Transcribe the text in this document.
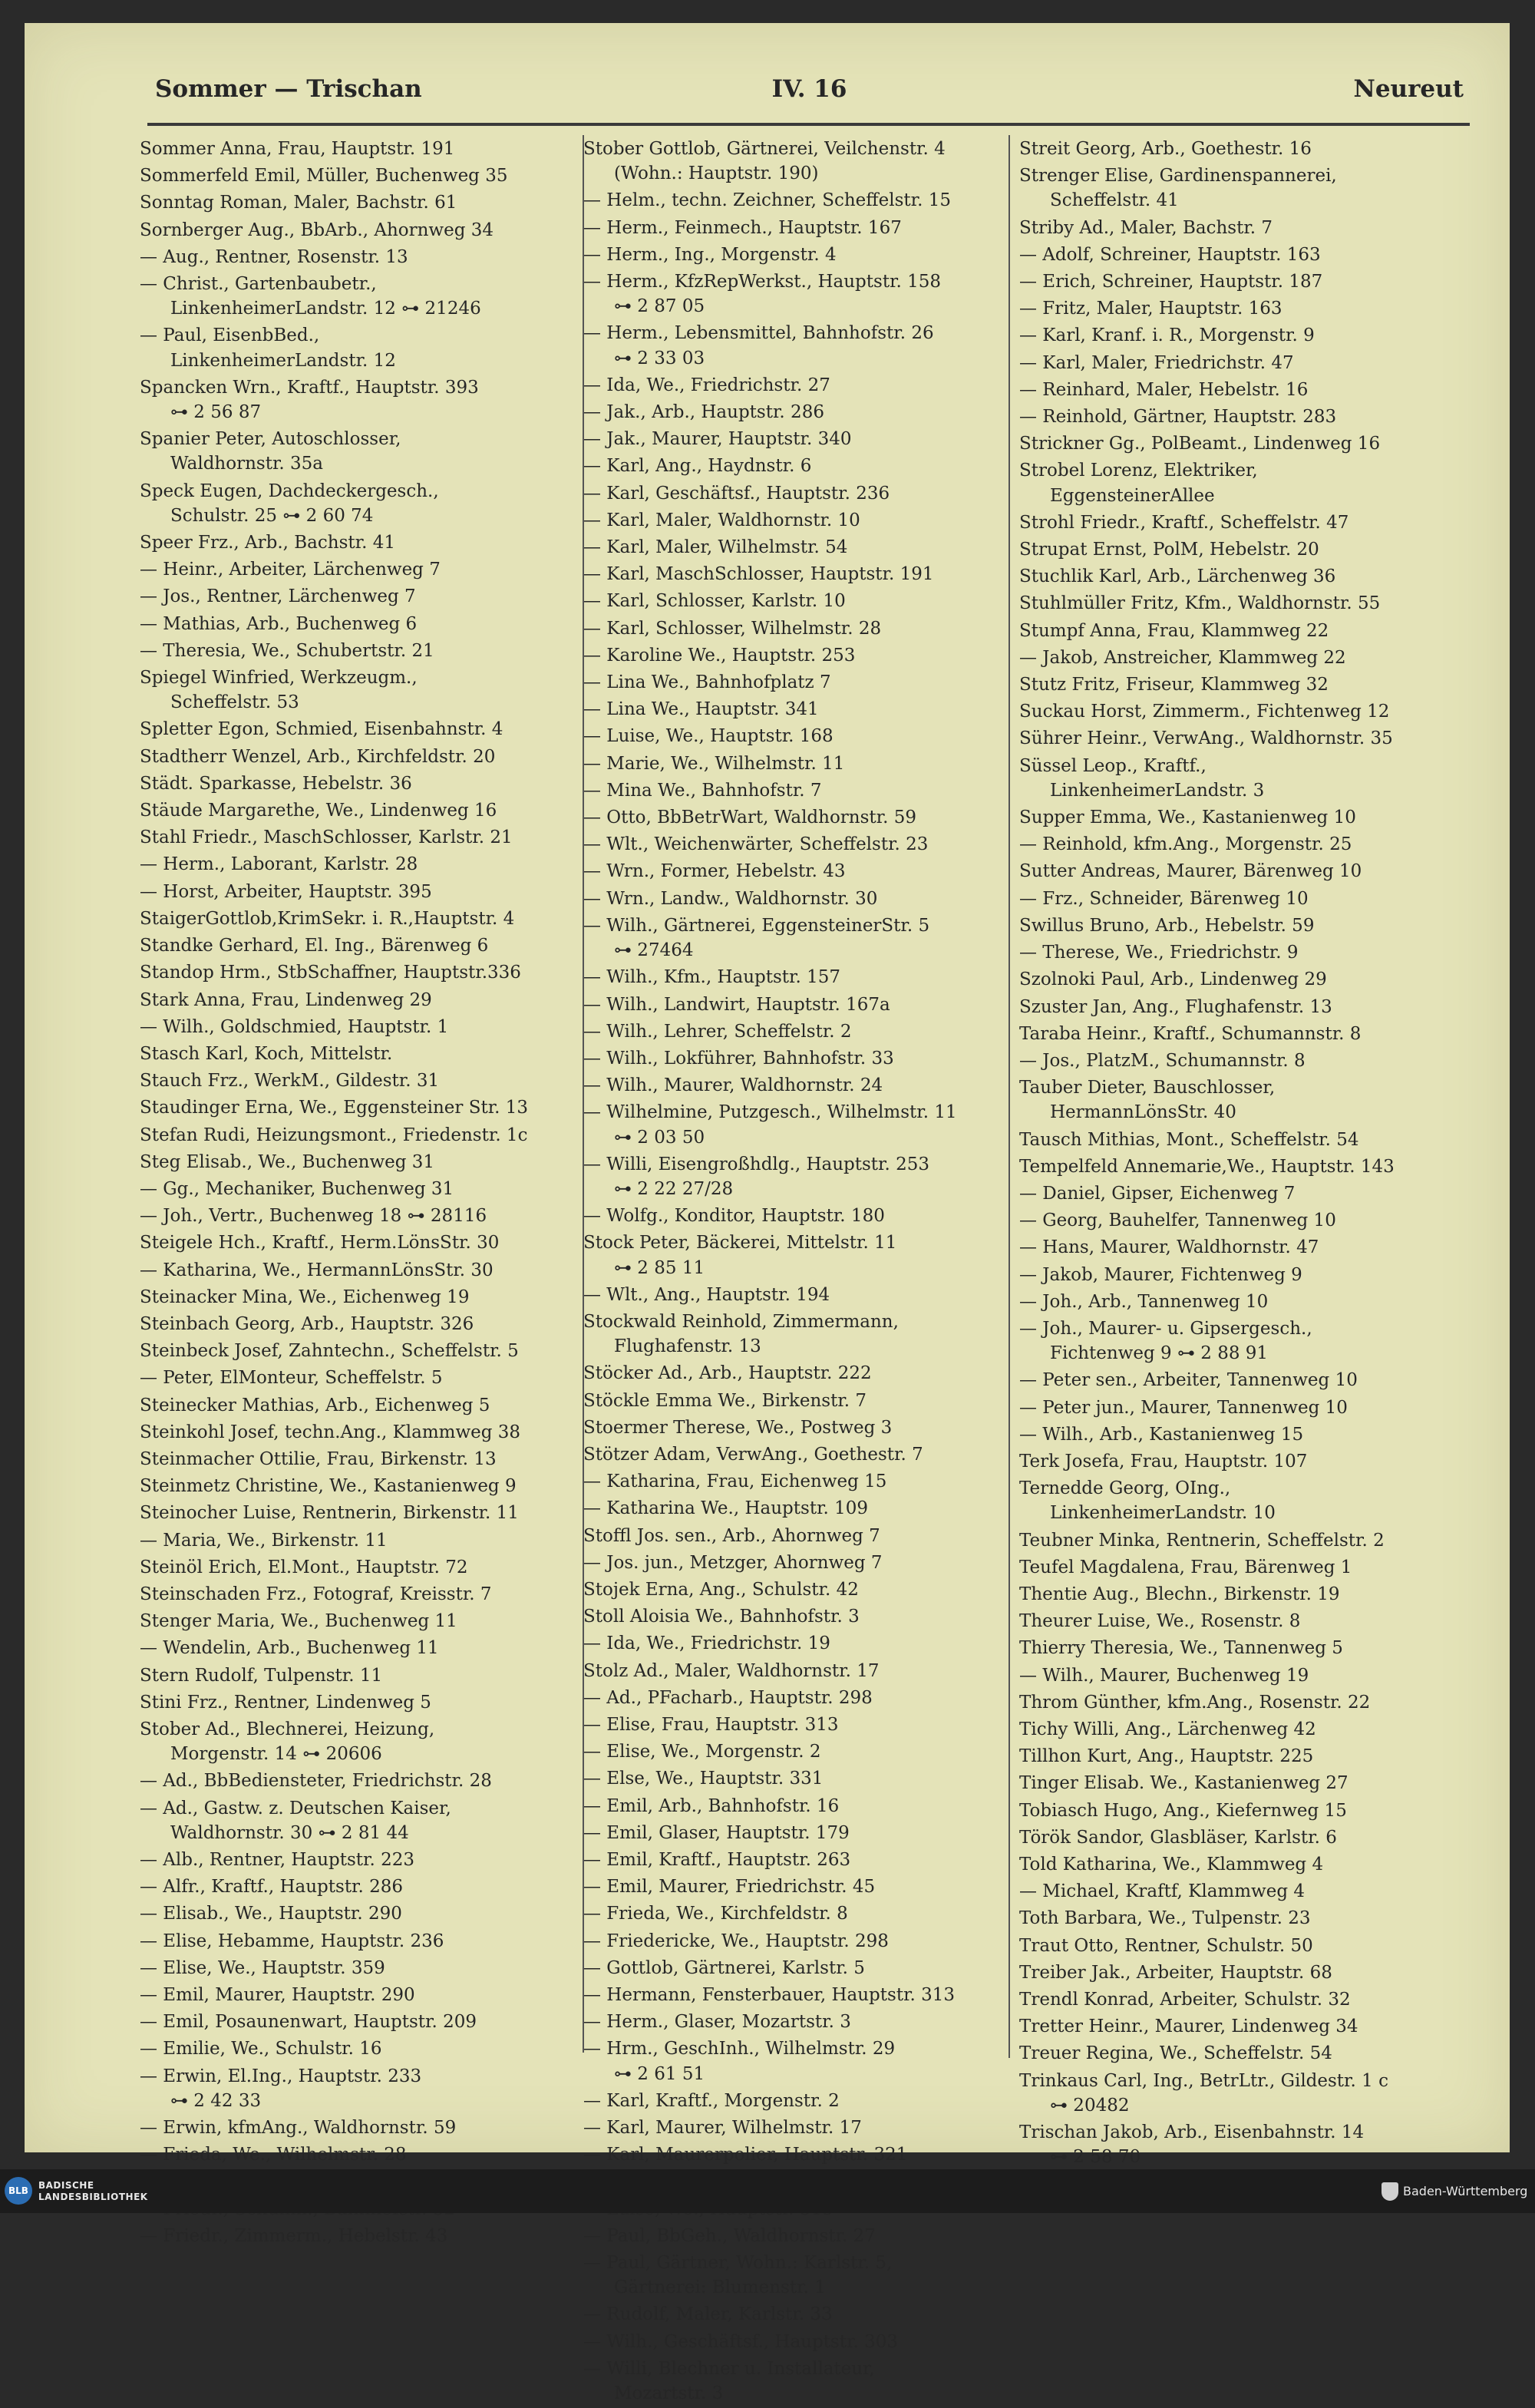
Sommer — Trischan	IV. 16	Neureut
Sommer Anna, Frau, Hauptstr. 191
Sommerfeld Emil, Müller, Buchenweg 35
Sonntag Roman, Maler, Bachstr. 61
Sornberger Aug., BbArb., Ahornweg 34
— Aug., Rentner, Rosenstr. 13
— Christ., Gartenbaubetr.,
LinkenheimerLandstr. 12 ⊶ 21246
— Paul, EisenbBed.,
LinkenheimerLandstr. 12
Spancken Wrn., Kraftf., Hauptstr. 393
⊶ 2 56 87
Spanier Peter, Autoschlosser,
Waldhornstr. 35a
Speck Eugen, Dachdeckergesch.,
Schulstr. 25 ⊶ 2 60 74
Speer Frz., Arb., Bachstr. 41
— Heinr., Arbeiter, Lärchenweg 7
— Jos., Rentner, Lärchenweg 7
— Mathias, Arb., Buchenweg 6
— Theresia, We., Schubertstr. 21
Spiegel Winfried, Werkzeugm.,
Scheffelstr. 53
Spletter Egon, Schmied, Eisenbahnstr. 4
Stadtherr Wenzel, Arb., Kirchfeldstr. 20
Städt. Sparkasse, Hebelstr. 36
Stäude Margarethe, We., Lindenweg 16
Stahl Friedr., MaschSchlosser, Karlstr. 21
— Herm., Laborant, Karlstr. 28
— Horst, Arbeiter, Hauptstr. 395
StaigerGottlob,KrimSekr. i. R.,Hauptstr. 4
Standke Gerhard, El. Ing., Bärenweg 6
Standop Hrm., StbSchaffner, Hauptstr.336
Stark Anna, Frau, Lindenweg 29
— Wilh., Goldschmied, Hauptstr. 1
Stasch Karl, Koch, Mittelstr.
Stauch Frz., WerkM., Gildestr. 31
Staudinger Erna, We., Eggensteiner Str. 13
Stefan Rudi, Heizungsmont., Friedenstr. 1c
Steg Elisab., We., Buchenweg 31
— Gg., Mechaniker, Buchenweg 31
— Joh., Vertr., Buchenweg 18 ⊶ 28116
Steigele Hch., Kraftf., Herm.LönsStr. 30
— Katharina, We., HermannLönsStr. 30
Steinacker Mina, We., Eichenweg 19
Steinbach Georg, Arb., Hauptstr. 326
Steinbeck Josef, Zahntechn., Scheffelstr. 5
— Peter, ElMonteur, Scheffelstr. 5
Steinecker Mathias, Arb., Eichenweg 5
Steinkohl Josef, techn.Ang., Klammweg 38
Steinmacher Ottilie, Frau, Birkenstr. 13
Steinmetz Christine, We., Kastanienweg 9
Steinocher Luise, Rentnerin, Birkenstr. 11
— Maria, We., Birkenstr. 11
Steinöl Erich, El.Mont., Hauptstr. 72
Steinschaden Frz., Fotograf, Kreisstr. 7
Stenger Maria, We., Buchenweg 11
— Wendelin, Arb., Buchenweg 11
Stern Rudolf, Tulpenstr. 11
Stini Frz., Rentner, Lindenweg 5
Stober Ad., Blechnerei, Heizung,
Morgenstr. 14 ⊶ 20606
— Ad., BbBediensteter, Friedrichstr. 28
— Ad., Gastw. z. Deutschen Kaiser,
Waldhornstr. 30 ⊶ 2 81 44
— Alb., Rentner, Hauptstr. 223
— Alfr., Kraftf., Hauptstr. 286
— Elisab., We., Hauptstr. 290
— Elise, Hebamme, Hauptstr. 236
— Elise, We., Hauptstr. 359
— Emil, Maurer, Hauptstr. 290
— Emil, Posaunenwart, Hauptstr. 209
— Emilie, We., Schulstr. 16
— Erwin, El.Ing., Hauptstr. 233
⊶ 2 42 33
— Erwin, kfmAng., Waldhornstr. 59
— Frieda, We., Wilhelmstr. 28
— Friedr., Zimmerm., Hebelstr. 43
Stober Gottlob, Gärtnerei, Veilchenstr. 4
(Wohn.: Hauptstr. 190)
— Helm., techn. Zeichner, Scheffelstr. 15
— Herm., Feinmech., Hauptstr. 167
— Herm., Ing., Morgenstr. 4
— Herm., KfzRepWerkst., Hauptstr. 158
⊶ 2 87 05
— Herm., Lebensmittel, Bahnhofstr. 26
⊶ 2 33 03
— Ida, We., Friedrichstr. 27
— Jak., Arb., Hauptstr. 286
— Jak., Maurer, Hauptstr. 340
— Karl, Ang., Haydnstr. 6
— Karl, Geschäftsf., Hauptstr. 236
— Karl, Maler, Waldhornstr. 10
— Karl, Maler, Wilhelmstr. 54
— Karl, MaschSchlosser, Hauptstr. 191
— Karl, Schlosser, Karlstr. 10
— Karl, Schlosser, Wilhelmstr. 28
— Karoline We., Hauptstr. 253
— Lina We., Bahnhofplatz 7
— Lina We., Hauptstr. 341
— Luise, We., Hauptstr. 168
— Marie, We., Wilhelmstr. 11
— Mina We., Bahnhofstr. 7
— Otto, BbBetrWart, Waldhornstr. 59
— Wlt., Weichenwärter, Scheffelstr. 23
— Wrn., Former, Hebelstr. 43
— Wrn., Landw., Waldhornstr. 30
— Wilh., Gärtnerei, EggensteinerStr. 5
⊶ 27464
— Wilh., Kfm., Hauptstr. 157
— Wilh., Landwirt, Hauptstr. 167a
— Wilh., Lehrer, Scheffelstr. 2
— Wilh., Lokführer, Bahnhofstr. 33
— Wilh., Maurer, Waldhornstr. 24
— Wilhelmine, Putzgesch., Wilhelmstr. 11
⊶ 2 03 50
— Willi, Eisengroßhdlg., Hauptstr. 253
⊶ 2 22 27/28
— Wolfg., Konditor, Hauptstr. 180
Stock Peter, Bäckerei, Mittelstr. 11
⊶ 2 85 11
— Wlt., Ang., Hauptstr. 194
Stockwald Reinhold, Zimmermann,
Flughafenstr. 13
Stöcker Ad., Arb., Hauptstr. 222
Stöckle Emma We., Birkenstr. 7
Stoermer Therese, We., Postweg 3
Stötzer Adam, VerwAng., Goethestr. 7
— Katharina, Frau, Eichenweg 15
— Katharina We., Hauptstr. 109
Stoffl Jos. sen., Arb., Ahornweg 7
— Jos. jun., Metzger, Ahornweg 7
Stojek Erna, Ang., Schulstr. 42
Stoll Aloisia We., Bahnhofstr. 3
— Ida, We., Friedrichstr. 19
Stolz Ad., Maler, Waldhornstr. 17
— Ad., PFacharb., Hauptstr. 298
— Elise, Frau, Hauptstr. 313
— Elise, We., Morgenstr. 2
— Else, We., Hauptstr. 331
— Emil, Arb., Bahnhofstr. 16
— Emil, Glaser, Hauptstr. 179
— Emil, Kraftf., Hauptstr. 263
— Emil, Maurer, Friedrichstr. 45
— Frieda, We., Kirchfeldstr. 8
— Friedericke, We., Hauptstr. 298
— Gottlob, Gärtnerei, Karlstr. 5
— Hermann, Fensterbauer, Hauptstr. 313
— Herm., Glaser, Mozartstr. 3
— Hrm., GeschInh., Wilhelmstr. 29
⊶ 2 61 51
— Karl, Kraftf., Morgenstr. 2
— Karl, Maurer, Wilhelmstr. 17
— Karl, Maurerpolier, Hauptstr. 321
— Paul, BbGeh., Waldhornstr. 27
— Paul, Gärtner, Wohn.: Karlstr. 5,
Gärtnerei: Blumenstr. 1
— Rudolf, Maler, Karlstr. 33
— Wilh., Geschäftsf., Hauptstr. 303
— Willi, Blechner u. Installateur,
Mozartstr. 3
Streit Georg, Arb., Goethestr. 16
Strenger Elise, Gardinenspannerei,
Scheffelstr. 41
Striby Ad., Maler, Bachstr. 7
— Adolf, Schreiner, Hauptstr. 163
— Erich, Schreiner, Hauptstr. 187
— Fritz, Maler, Hauptstr. 163
— Karl, Kranf. i. R., Morgenstr. 9
— Karl, Maler, Friedrichstr. 47
— Reinhard, Maler, Hebelstr. 16
— Reinhold, Gärtner, Hauptstr. 283
Strickner Gg., PolBeamt., Lindenweg 16
Strobel Lorenz, Elektriker,
EggensteinerAllee
Strohl Friedr., Kraftf., Scheffelstr. 47
Strupat Ernst, PolM, Hebelstr. 20
Stuchlik Karl, Arb., Lärchenweg 36
Stuhlmüller Fritz, Kfm., Waldhornstr. 55
Stumpf Anna, Frau, Klammweg 22
— Jakob, Anstreicher, Klammweg 22
Stutz Fritz, Friseur, Klammweg 32
Suckau Horst, Zimmerm., Fichtenweg 12
Sührer Heinr., VerwAng., Waldhornstr. 35
Süssel Leop., Kraftf.,
LinkenheimerLandstr. 3
Supper Emma, We., Kastanienweg 10
— Reinhold, kfm.Ang., Morgenstr. 25
Sutter Andreas, Maurer, Bärenweg 10
— Frz., Schneider, Bärenweg 10
Swillus Bruno, Arb., Hebelstr. 59
— Therese, We., Friedrichstr. 9
Szolnoki Paul, Arb., Lindenweg 29
Szuster Jan, Ang., Flughafenstr. 13
Taraba Heinr., Kraftf., Schumannstr. 8
— Jos., PlatzM., Schumannstr. 8
Tauber Dieter, Bauschlosser,
HermannLönsStr. 40
Tausch Mithias, Mont., Scheffelstr. 54
Tempelfeld Annemarie,We., Hauptstr. 143
— Daniel, Gipser, Eichenweg 7
— Georg, Bauhelfer, Tannenweg 10
— Hans, Maurer, Waldhornstr. 47
— Jakob, Maurer, Fichtenweg 9
— Joh., Arb., Tannenweg 10
— Joh., Maurer- u. Gipsergesch.,
Fichtenweg 9 ⊶ 2 88 91
— Peter sen., Arbeiter, Tannenweg 10
— Peter jun., Maurer, Tannenweg 10
— Wilh., Arb., Kastanienweg 15
Terk Josefa, Frau, Hauptstr. 107
Ternedde Georg, OIng.,
LinkenheimerLandstr. 10
Teubner Minka, Rentnerin, Scheffelstr. 2
Teufel Magdalena, Frau, Bärenweg 1
Thentie Aug., Blechn., Birkenstr. 19
Theurer Luise, We., Rosenstr. 8
Thierry Theresia, We., Tannenweg 5
— Wilh., Maurer, Buchenweg 19
Throm Günther, kfm.Ang., Rosenstr. 22
Tichy Willi, Ang., Lärchenweg 42
Tillhon Kurt, Ang., Hauptstr. 225
Tinger Elisab. We., Kastanienweg 27
Tobiasch Hugo, Ang., Kiefernweg 15
Török Sandor, Glasbläser, Karlstr. 6
Told Katharina, We., Klammweg 4
— Michael, Kraftf, Klammweg 4
Toth Barbara, We., Tulpenstr. 23
Traut Otto, Rentner, Schulstr. 50
Treiber Jak., Arbeiter, Hauptstr. 68
Trendl Konrad, Arbeiter, Schulstr. 32
Tretter Heinr., Maurer, Lindenweg 34
Treuer Regina, We., Scheffelstr. 54
Trinkaus Carl, Ing., BetrLtr., Gildestr. 1 c
⊶ 20482
Trischan Jakob, Arb., Eisenbahnstr. 14
⊶ 2 58 70
BLB	BADISCHE
LANDESBIBLIOTHEK	Baden-Württemberg
